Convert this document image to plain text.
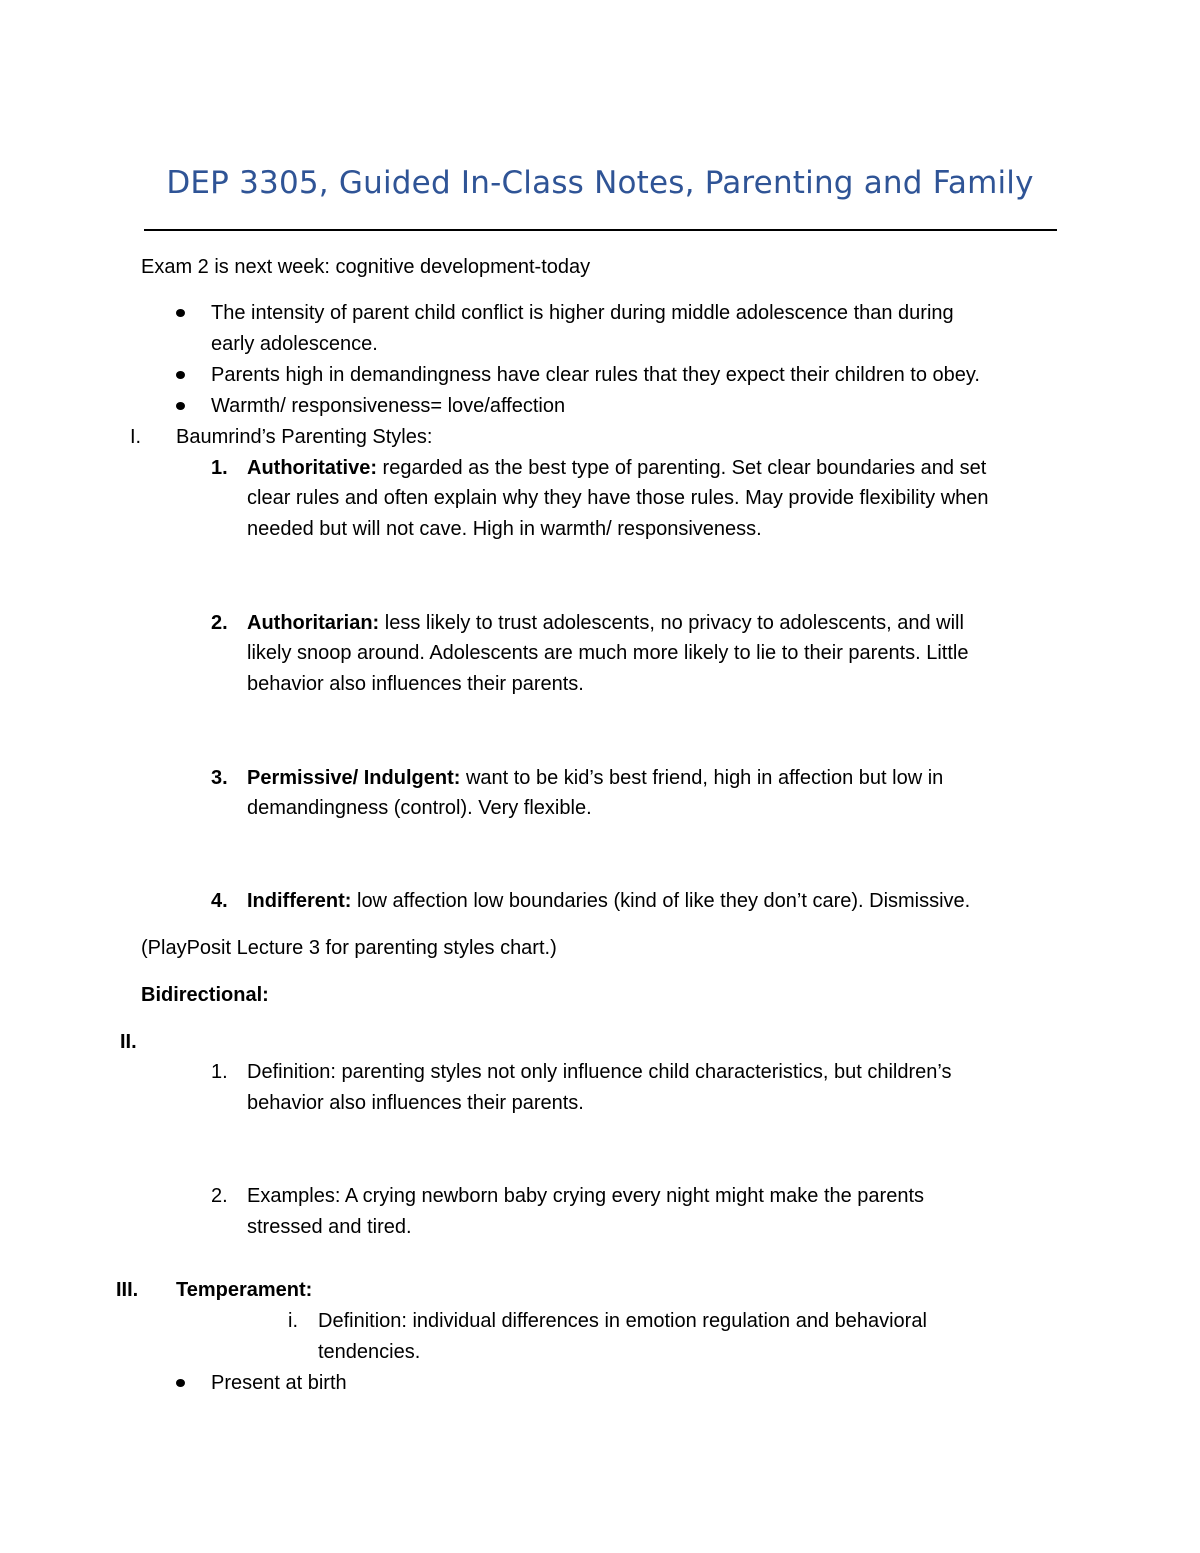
DEP 3305, Guided In-Class Notes, Parenting and Family
Exam 2 is next week: cognitive development-today
The intensity of parent child conflict is higher during middle adolescence than during
early adolescence.
Parents high in demandingness have clear rules that they expect their children to obey.
Warmth/ responsiveness= love/affection
I. Baumrind’s Parenting Styles:
1. Authoritative: regarded as the best type of parenting. Set clear boundaries and set
clear rules and often explain why they have those rules. May provide flexibility when
needed but will not cave. High in warmth/ responsiveness.
2. Authoritarian: less likely to trust adolescents, no privacy to adolescents, and will
likely snoop around. Adolescents are much more likely to lie to their parents. Little
behavior also influences their parents.
3. Permissive/ Indulgent: want to be kid’s best friend, high in affection but low in
demandingness (control). Very flexible.
4. Indifferent: low affection low boundaries (kind of like they don’t care). Dismissive.
(PlayPosit Lecture 3 for parenting styles chart.)
Bidirectional:
II.
1. Definition: parenting styles not only influence child characteristics, but children’s
behavior also influences their parents.
2. Examples: A crying newborn baby crying every night might make the parents
stressed and tired.
III. Temperament:
i. Definition: individual differences in emotion regulation and behavioral
tendencies.
Present at birth
